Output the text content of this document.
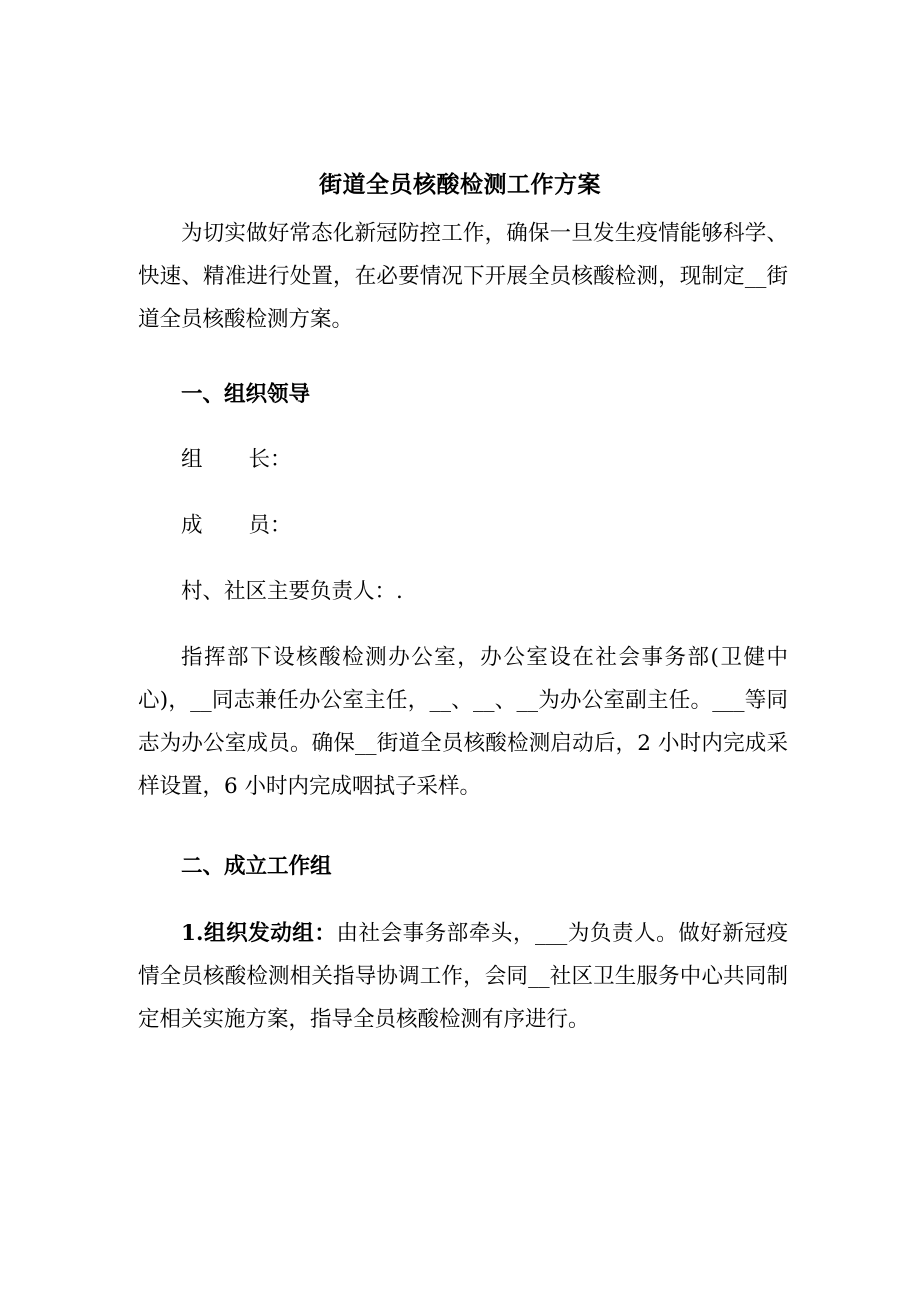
街道全员核酸检测工作方案

为切实做好常态化新冠防控工作，确保一旦发生疫情能够科学、快速、精准进行处置，在必要情况下开展全员核酸检测，现制定__街道全员核酸检测方案。

一、组织领导

组 长：

成 员：

村、社区主要负责人：.

指挥部下设核酸检测办公室，办公室设在社会事务部(卫健中心)，__同志兼任办公室主任，__、__、__为办公室副主任。___等同志为办公室成员。确保__街道全员核酸检测启动后，2 小时内完成采样设置，6 小时内完成咽拭子采样。

二、成立工作组

1.组织发动组：由社会事务部牵头，___为负责人。做好新冠疫情全员核酸检测相关指导协调工作，会同__社区卫生服务中心共同制定相关实施方案，指导全员核酸检测有序进行。
